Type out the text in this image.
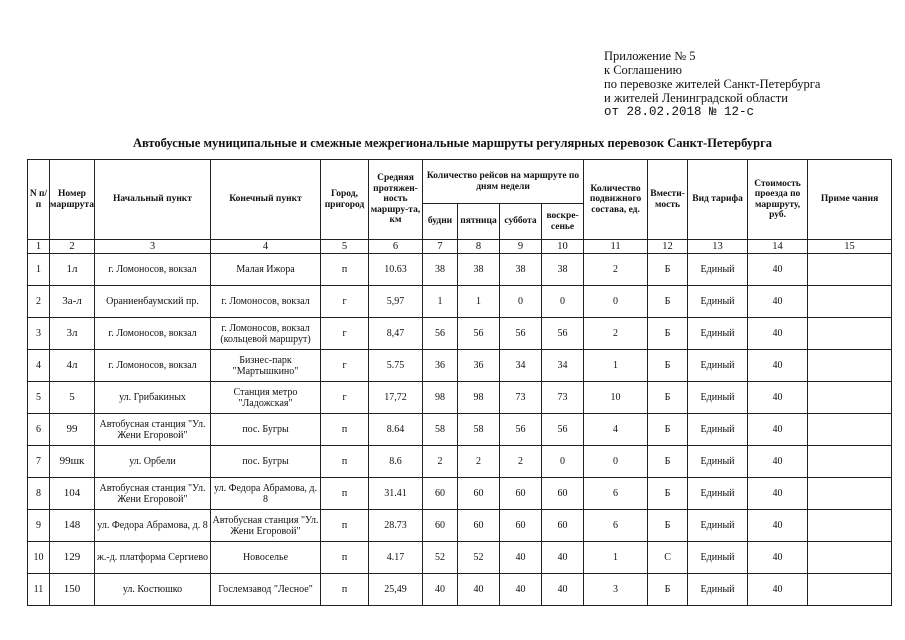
Приложение № 5
к Соглашению
по перевозке жителей Санкт-Петербурга
и жителей Ленинградской области
от 28.02.2018 № 12-с
Автобусные муниципальные и смежные межрегиональные маршруты регулярных перевозок Санкт-Петербурга
N п/п	Номер маршрута	Начальный пункт	Конечный пункт	Город, пригород	Средняя протяжен-ность маршру-та, км	Количество рейсов на маршруте по дням недели				Количество подвижного состава, ед.	Вмести-мость	Вид тарифа	Стоимость проезда по маршруту, руб.	Приме чания
						будни	пятница	суббота	воскре-сенье					
1	2	3	4	5	6	7	8	9	10	11	12	13	14	15
1	1л	г. Ломоносов, вокзал	Малая Ижора	п	10.63	38	38	38	38	2	Б	Единый	40	
2	3а-л	Ораниенбаумский пр.	г. Ломоносов, вокзал	г	5,97	1	1	0	0	0	Б	Единый	40	
3	3л	г. Ломоносов, вокзал	г. Ломоносов, вокзал (кольцевой маршрут)	г	8,47	56	56	56	56	2	Б	Единый	40	
4	4л	г. Ломоносов, вокзал	Бизнес-парк "Мартышкино"	г	5.75	36	36	34	34	1	Б	Единый	40	
5	5	ул. Грибакиных	Станция метро "Ладожская"	г	17,72	98	98	73	73	10	Б	Единый	40	
6	99	Автобусная станция "Ул. Жени Егоровой"	пос. Бугры	п	8.64	58	58	56	56	4	Б	Единый	40	
7	99шк	ул. Орбели	пос. Бугры	п	8.6	2	2	2	0	0	Б	Единый	40	
8	104	Автобусная станция "Ул. Жени Егоровой"	ул. Федора Абрамова, д. 8	п	31.41	60	60	60	60	6	Б	Единый	40	
9	148	ул. Федора Абрамова, д. 8	Автобусная станция "Ул. Жени Егоровой"	п	28.73	60	60	60	60	6	Б	Единый	40	
10	129	ж.-д. платформа Сергиево	Новоселье	п	4.17	52	52	40	40	1	С	Единый	40	
11	150	ул. Костюшко	Гослемзавод "Лесное"	п	25,49	40	40	40	40	3	Б	Единый	40	
